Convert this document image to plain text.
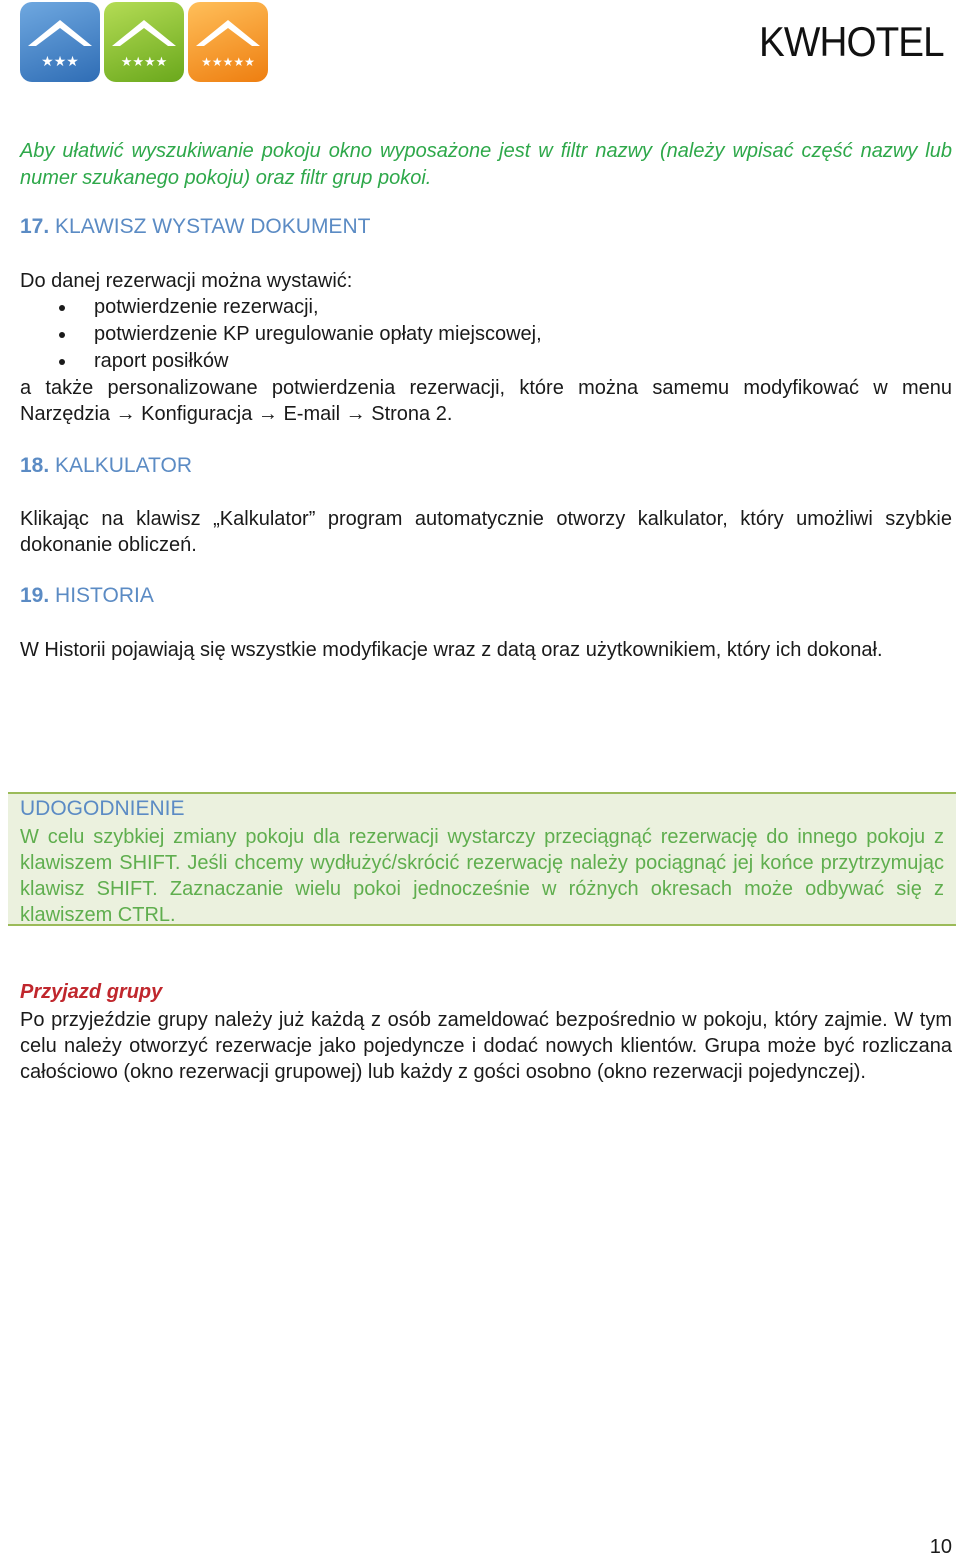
★★★	★★★★	★★★★★	KWHOTEL

Aby ułatwić wyszukiwanie pokoju okno wyposażone jest w filtr nazwy (należy wpisać część nazwy lub numer szukanego pokoju) oraz filtr grup pokoi.

17. KLAWISZ WYSTAW DOKUMENT

Do danej rezerwacji można wystawić:

potwierdzenie rezerwacji,
potwierdzenie KP uregulowanie opłaty miejscowej,
raport posiłków

a także personalizowane potwierdzenia rezerwacji, które można samemu modyfikować w menu Narzędzia → Konfiguracja → E-mail → Strona 2.

18. KALKULATOR

Klikając na klawisz „Kalkulator” program automatycznie otworzy kalkulator, który umożliwi szybkie dokonanie obliczeń.

19. HISTORIA

W Historii pojawiają się wszystkie modyfikacje wraz z datą oraz użytkownikiem, który ich dokonał.

UDOGODNIENIE

W celu szybkiej zmiany pokoju dla rezerwacji wystarczy przeciągnąć rezerwację do innego pokoju z klawiszem SHIFT. Jeśli chcemy wydłużyć/skrócić rezerwację należy pociągnąć jej końce przytrzymując klawisz SHIFT. Zaznaczanie wielu pokoi jednocześnie w różnych okresach może odbywać się z klawiszem CTRL.

Przyjazd grupy

Po przyjeździe grupy należy już każdą z osób zameldować bezpośrednio w pokoju, który zajmie. W tym celu należy otworzyć rezerwacje jako pojedyncze i dodać nowych klientów. Grupa może być rozliczana całościowo (okno rezerwacji grupowej) lub każdy z gości osobno (okno rezerwacji pojedynczej).

10
